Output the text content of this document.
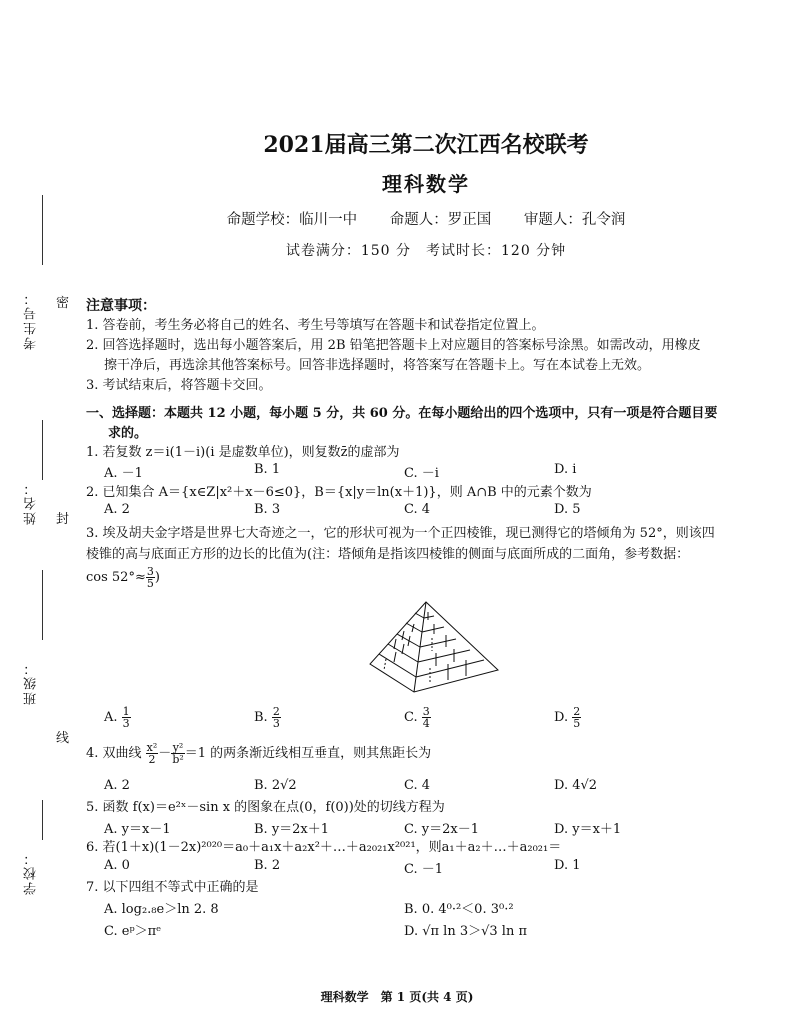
考生号：
姓名：
班级：
学校：
密
封
线
2021届高三第二次江西名校联考
理科数学
命题学校：临川一中 命题人：罗正国 审题人：孔令润
试卷满分：150 分　考试时长：120 分钟
注意事项：
1. 答卷前，考生务必将自己的姓名、考生号等填写在答题卡和试卷指定位置上。
2. 回答选择题时，选出每小题答案后，用 2B 铅笔把答题卡上对应题目的答案标号涂黑。如需改动，用橡皮
擦干净后，再选涂其他答案标号。回答非选择题时，将答案写在答题卡上。写在本试卷上无效。
3. 考试结束后，将答题卡交回。
一、选择题：本题共 12 小题，每小题 5 分，共 60 分。在每小题给出的四个选项中，只有一项是符合题目要
求的。
1. 若复数 z＝i(1－i)(i 是虚数单位)，则复数z̄的虚部为
A. －1	B. 1	C. －i	D. i
2. 已知集合 A＝{x∈Z|x²＋x－6≤0}，B＝{x|y＝ln(x＋1)}，则 A∩B 中的元素个数为
A. 2	B. 3	C. 4	D. 5
3. 埃及胡夫金字塔是世界七大奇迹之一，它的形状可视为一个正四棱锥，现已测得它的塔倾角为 52°，则该四
棱锥的高与底面正方形的边长的比值为(注：塔倾角是指该四棱锥的侧面与底面所成的二面角，参考数据：
$\cos 52^\circ\approx \frac{3}{5}$ )
A. $\frac{1}{3}$	B. $\frac{2}{3}$	C. $\frac{3}{4}$	D. $\frac{2}{5}$
4. 双曲线 $\frac{\text{x²}}{2} - \frac{\text{y²}}{\text{b²}} =1$ 的两条渐近线相互垂直，则其焦距长为
A. 2	B. 2√2	C. 4	D. 4√2
5. 函数 f(x)＝e²ˣ－sin x 的图象在点(0，f(0))处的切线方程为
A. y＝x－1	B. y＝2x＋1	C. y＝2x－1	D. y＝x＋1
6. 若(1＋x)(1－2x)²⁰²⁰＝a₀＋a₁x＋a₂x²＋…＋a₂₀₂₁x²⁰²¹，则a₁＋a₂＋…＋a₂₀₂₁＝
A. 0	B. 2	C. －1	D. 1
7. 以下四组不等式中正确的是
A. log₂.₈e＞ln 2. 8	B. 0. 4⁰·²＜0. 3⁰·²
C. eᵖ＞πᵉ	D. √π ln 3＞√3 ln π
理科数学　第 1 页(共 4 页)
